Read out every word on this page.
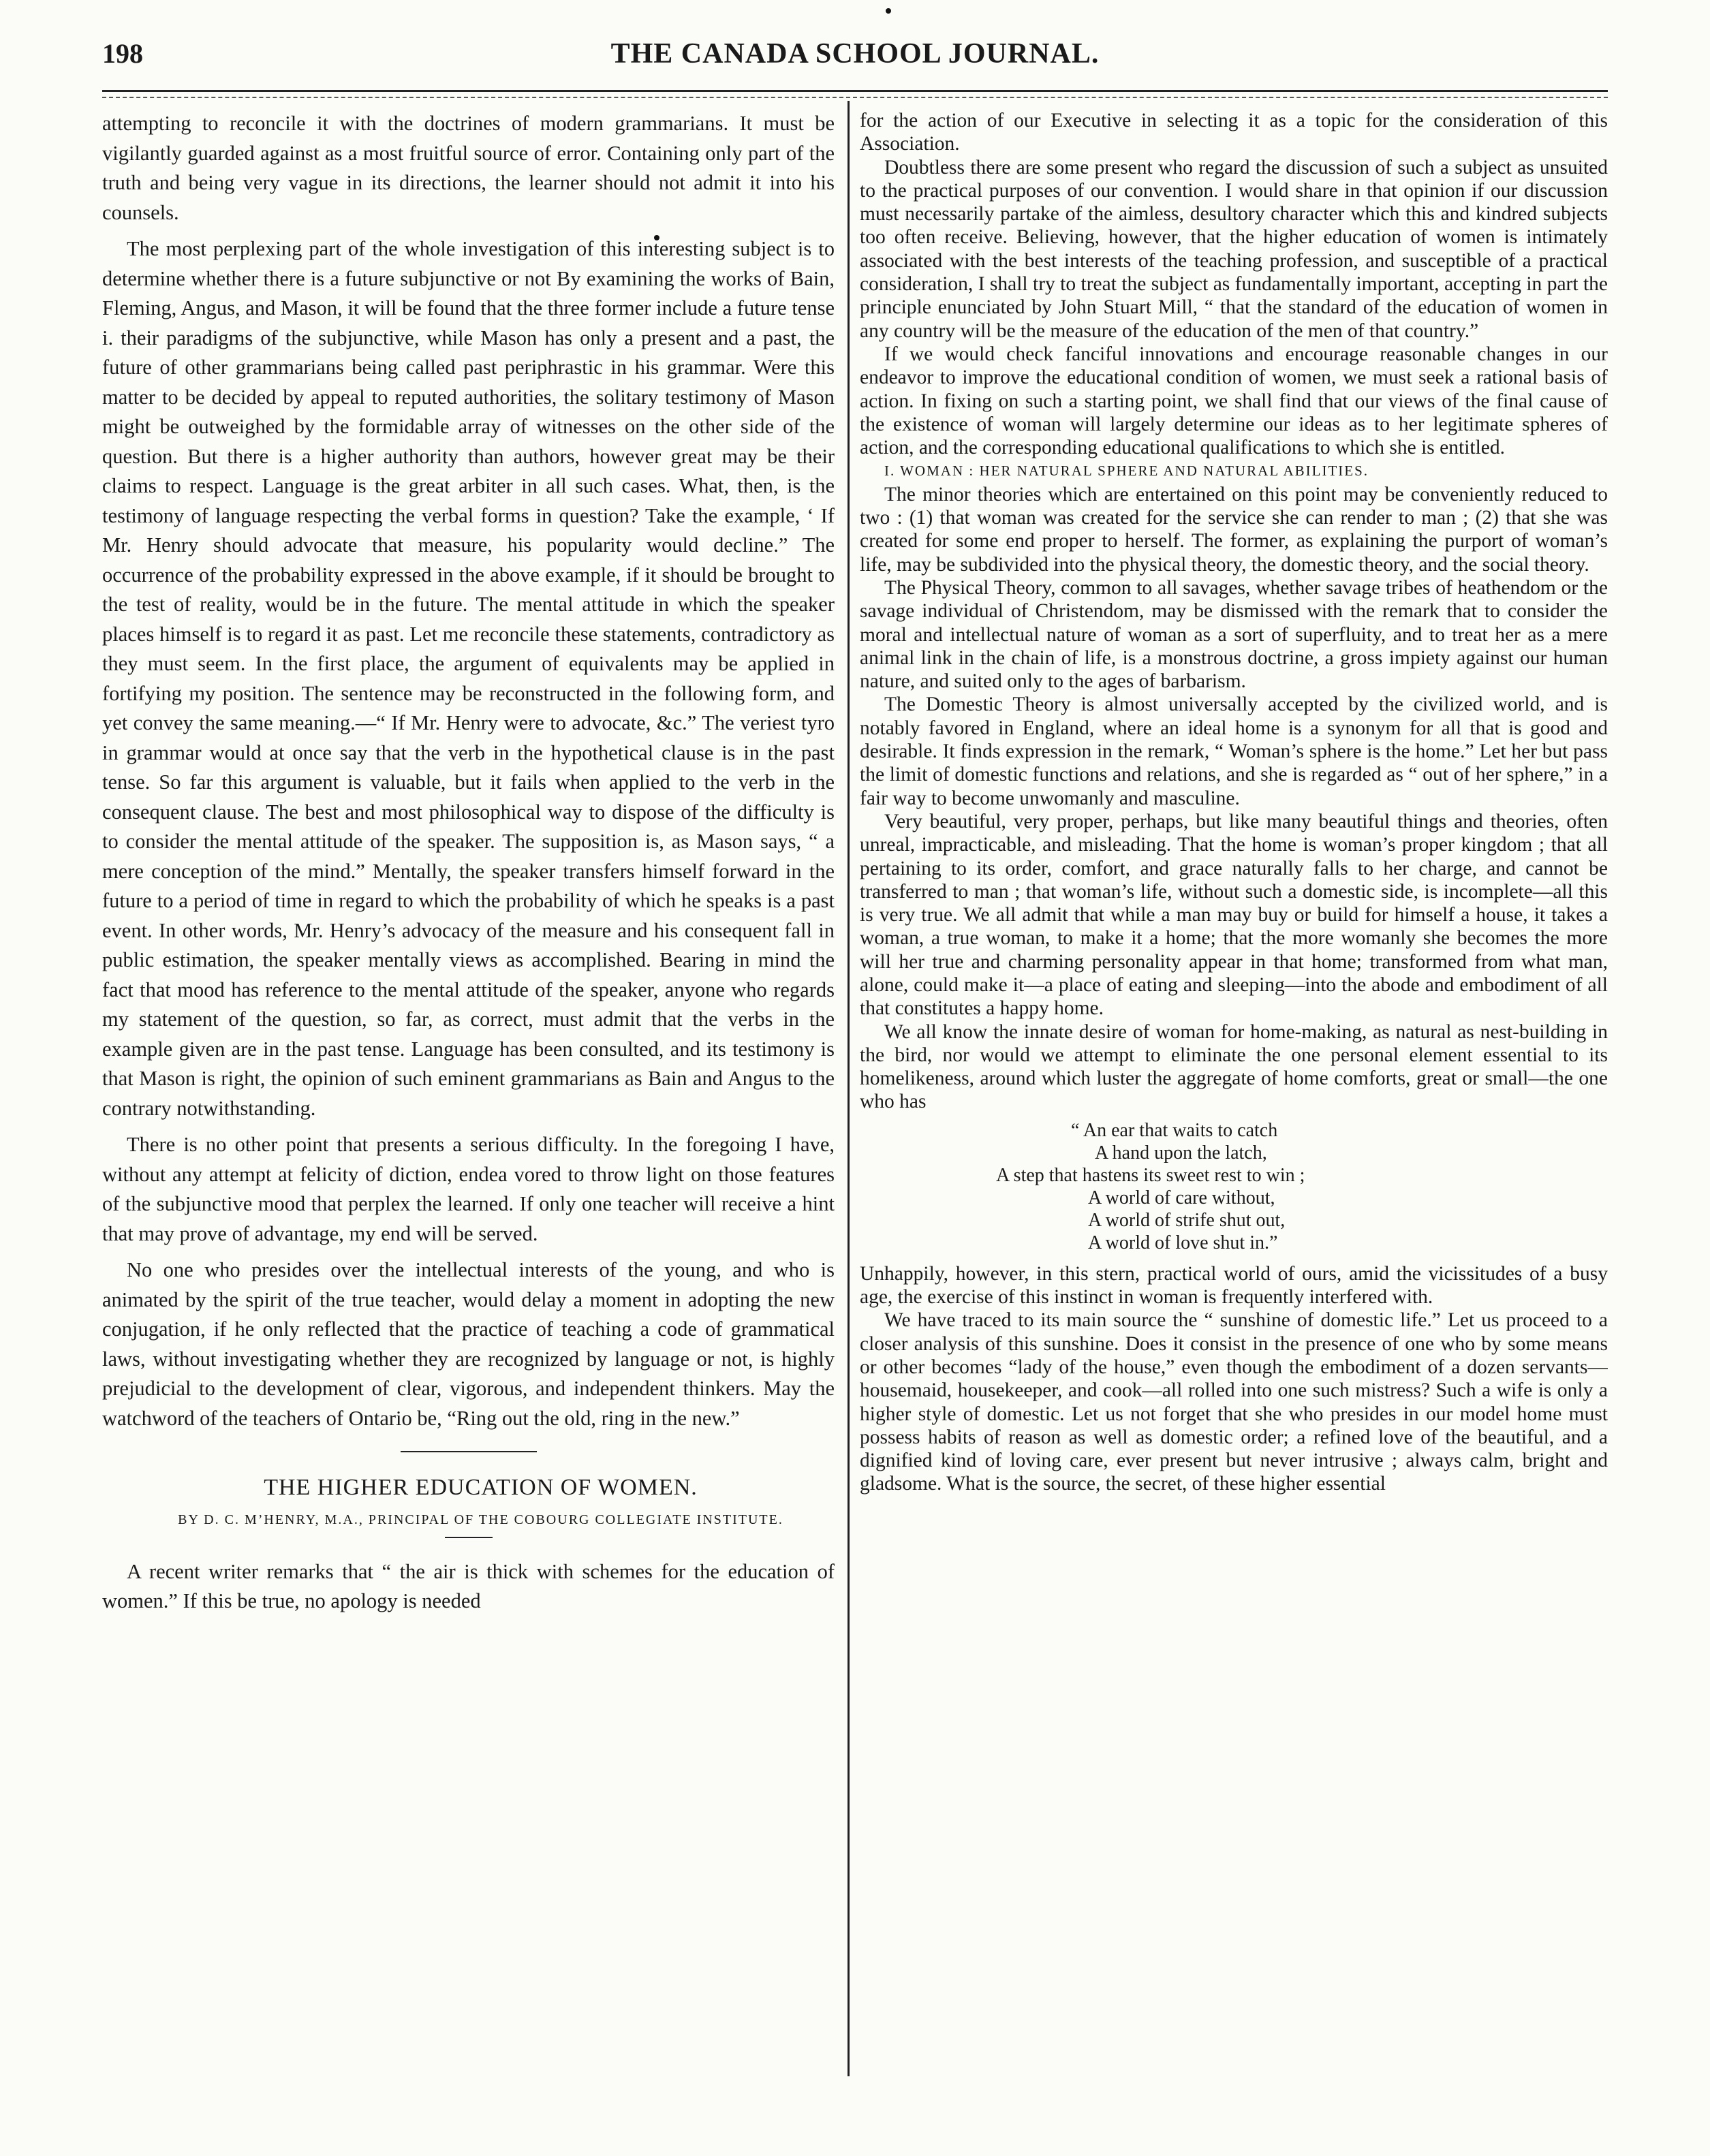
198	THE CANADA SCHOOL JOURNAL.

attempting to reconcile it with the doctrines of modern grammarians. It must be vigilantly guarded against as a most fruitful source of error. Containing only part of the truth and being very vague in its directions, the learner should not admit it into his counsels.

The most perplexing part of the whole investigation of this interesting subject is to determine whether there is a future subjunctive or not By examining the works of Bain, Fleming, Angus, and Mason, it will be found that the three former include a future tense i. their paradigms of the subjunctive, while Mason has only a present and a past, the future of other grammarians being called past periphrastic in his grammar. Were this matter to be decided by appeal to reputed authorities, the solitary testimony of Mason might be outweighed by the formidable array of witnesses on the other side of the question. But there is a higher authority than authors, however great may be their claims to respect. Language is the great arbiter in all such cases. What, then, is the testimony of language respecting the verbal forms in question? Take the example, ‘ If Mr. Henry should advocate that measure, his popularity would decline.” The occurrence of the probability expressed in the above example, if it should be brought to the test of reality, would be in the future. The mental attitude in which the speaker places himself is to regard it as past. Let me reconcile these statements, contradictory as they must seem. In the first place, the argument of equivalents may be applied in fortifying my position. The sentence may be reconstructed in the following form, and yet convey the same meaning.—“ If Mr. Henry were to advocate, &c.” The veriest tyro in grammar would at once say that the verb in the hypothetical clause is in the past tense. So far this argument is valuable, but it fails when applied to the verb in the consequent clause. The best and most philosophical way to dispose of the difficulty is to consider the mental attitude of the speaker. The supposition is, as Mason says, “ a mere conception of the mind.” Mentally, the speaker transfers himself forward in the future to a period of time in regard to which the probability of which he speaks is a past event. In other words, Mr. Henry’s advocacy of the measure and his consequent fall in public estimation, the speaker mentally views as accomplished. Bearing in mind the fact that mood has reference to the mental attitude of the speaker, anyone who regards my statement of the question, so far, as correct, must admit that the verbs in the example given are in the past tense. Language has been consulted, and its testimony is that Mason is right, the opinion of such eminent grammarians as Bain and Angus to the contrary notwithstanding.

There is no other point that presents a serious difficulty. In the foregoing I have, without any attempt at felicity of diction, endea vored to throw light on those features of the subjunctive mood that perplex the learned. If only one teacher will receive a hint that may prove of advantage, my end will be served.

No one who presides over the intellectual interests of the young, and who is animated by the spirit of the true teacher, would delay a moment in adopting the new conjugation, if he only reflected that the practice of teaching a code of grammatical laws, without investigating whether they are recognized by language or not, is highly prejudicial to the development of clear, vigorous, and independent thinkers. May the watchword of the teachers of Ontario be, “Ring out the old, ring in the new.”

THE HIGHER EDUCATION OF WOMEN.

BY D. C. M’HENRY, M.A., PRINCIPAL OF THE COBOURG COLLEGIATE INSTITUTE.

A recent writer remarks that “ the air is thick with schemes for the education of women.” If this be true, no apology is needed

for the action of our Executive in selecting it as a topic for the consideration of this Association.

Doubtless there are some present who regard the discussion of such a subject as unsuited to the practical purposes of our convention. I would share in that opinion if our discussion must necessarily partake of the aimless, desultory character which this and kindred subjects too often receive. Believing, however, that the higher education of women is intimately associated with the best interests of the teaching profession, and susceptible of a practical consideration, I shall try to treat the subject as fundamentally important, accepting in part the principle enunciated by John Stuart Mill, “ that the standard of the education of women in any country will be the measure of the education of the men of that country.”

If we would check fanciful innovations and encourage reasonable changes in our endeavor to improve the educational condition of women, we must seek a rational basis of action. In fixing on such a starting point, we shall find that our views of the final cause of the existence of woman will largely determine our ideas as to her legitimate spheres of action, and the corresponding educational qualifications to which she is entitled.

I. WOMAN : HER NATURAL SPHERE AND NATURAL ABILITIES.

The minor theories which are entertained on this point may be conveniently reduced to two : (1) that woman was created for the service she can render to man ; (2) that she was created for some end proper to herself. The former, as explaining the purport of woman’s life, may be subdivided into the physical theory, the domestic theory, and the social theory.

The Physical Theory, common to all savages, whether savage tribes of heathendom or the savage individual of Christendom, may be dismissed with the remark that to consider the moral and intellectual nature of woman as a sort of superfluity, and to treat her as a mere animal link in the chain of life, is a monstrous doctrine, a gross impiety against our human nature, and suited only to the ages of barbarism.

The Domestic Theory is almost universally accepted by the civilized world, and is notably favored in England, where an ideal home is a synonym for all that is good and desirable. It finds expression in the remark, “ Woman’s sphere is the home.” Let her but pass the limit of domestic functions and relations, and she is regarded as “ out of her sphere,” in a fair way to become unwomanly and masculine.

Very beautiful, very proper, perhaps, but like many beautiful things and theories, often unreal, impracticable, and misleading. That the home is woman’s proper kingdom ; that all pertaining to its order, comfort, and grace naturally falls to her charge, and cannot be transferred to man ; that woman’s life, without such a domestic side, is incomplete—all this is very true. We all admit that while a man may buy or build for himself a house, it takes a woman, a true woman, to make it a home; that the more womanly she becomes the more will her true and charming personality appear in that home; transformed from what man, alone, could make it—a place of eating and sleeping—into the abode and embodiment of all that constitutes a happy home.

We all know the innate desire of woman for home-making, as natural as nest-building in the bird, nor would we attempt to eliminate the one personal element essential to its homelikeness, around which luster the aggregate of home comforts, great or small—the one who has

“ An ear that waits to catch
A hand upon the latch,
A step that hastens its sweet rest to win ;
A world of care without,
A world of strife shut out,
A world of love shut in.”

Unhappily, however, in this stern, practical world of ours, amid the vicissitudes of a busy age, the exercise of this instinct in woman is frequently interfered with.

We have traced to its main source the “ sunshine of domestic life.” Let us proceed to a closer analysis of this sunshine. Does it consist in the presence of one who by some means or other becomes “lady of the house,” even though the embodiment of a dozen servants—housemaid, housekeeper, and cook—all rolled into one such mistress? Such a wife is only a higher style of domestic. Let us not forget that she who presides in our model home must possess habits of reason as well as domestic order; a refined love of the beautiful, and a dignified kind of loving care, ever present but never intrusive ; always calm, bright and gladsome. What is the source, the secret, of these higher essential
